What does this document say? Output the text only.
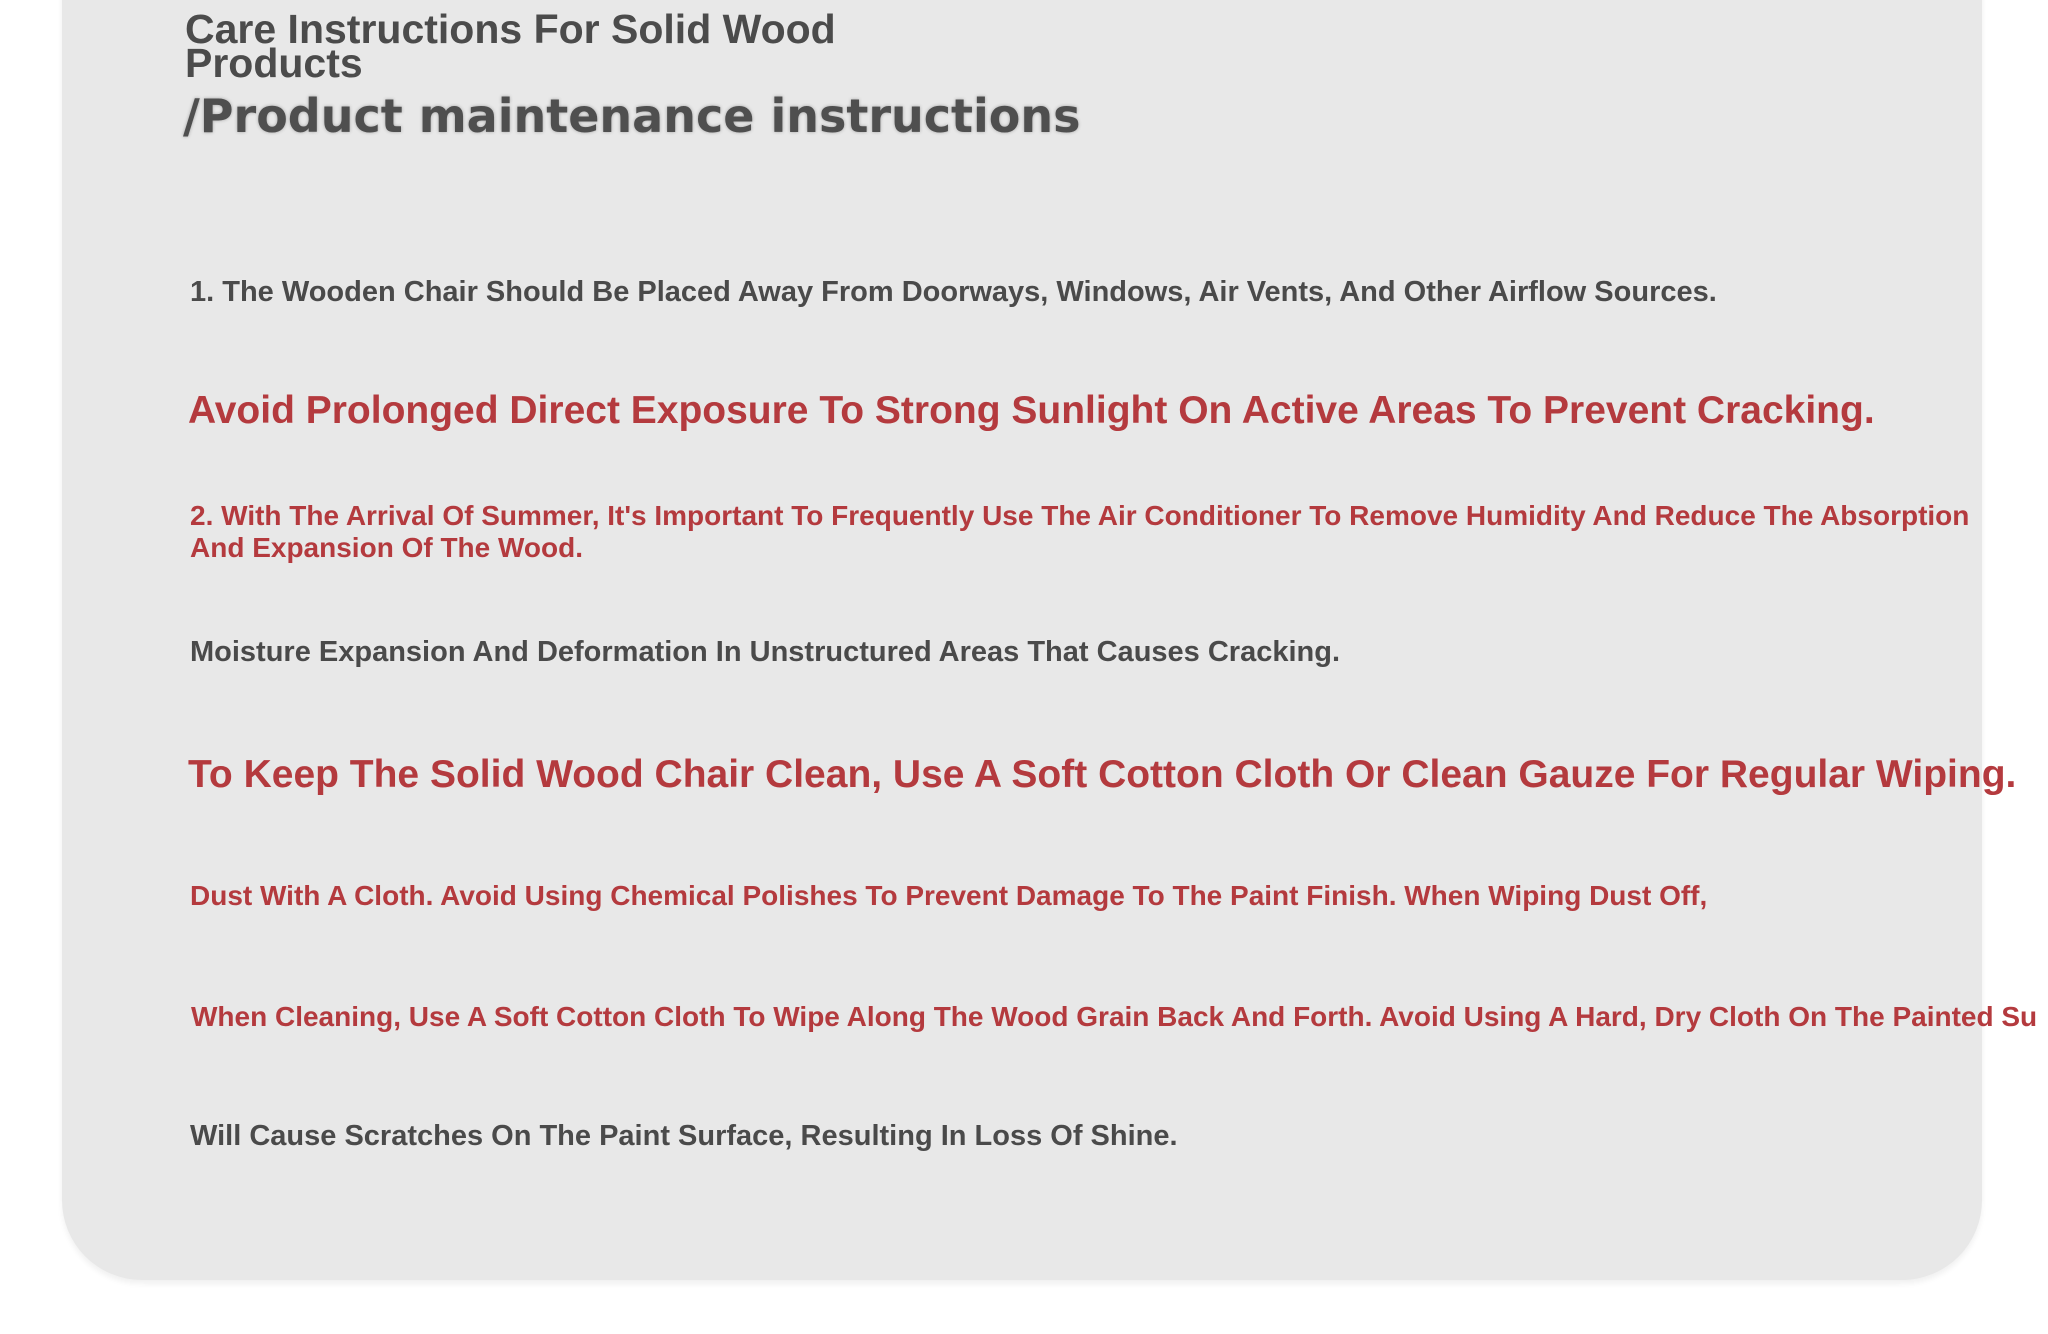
Care Instructions For Solid Wood Products
/Product maintenance instructions
1. The Wooden Chair Should Be Placed Away From Doorways, Windows, Air Vents, And Other Airflow Sources.
Avoid Prolonged Direct Exposure To Strong Sunlight On Active Areas To Prevent Cracking.
2. With The Arrival Of Summer, It's Important To Frequently Use The Air Conditioner To Remove Humidity And Reduce The Absorption And Expansion Of The Wood.
Moisture Expansion And Deformation In Unstructured Areas That Causes Cracking.
To Keep The Solid Wood Chair Clean, Use A Soft Cotton Cloth Or Clean Gauze For Regular Wiping.
Dust With A Cloth. Avoid Using Chemical Polishes To Prevent Damage To The Paint Finish. When Wiping Dust Off,
When Cleaning, Use A Soft Cotton Cloth To Wipe Along The Wood Grain Back And Forth. Avoid Using A Hard, Dry Cloth On The Painted Su
Will Cause Scratches On The Paint Surface, Resulting In Loss Of Shine.
